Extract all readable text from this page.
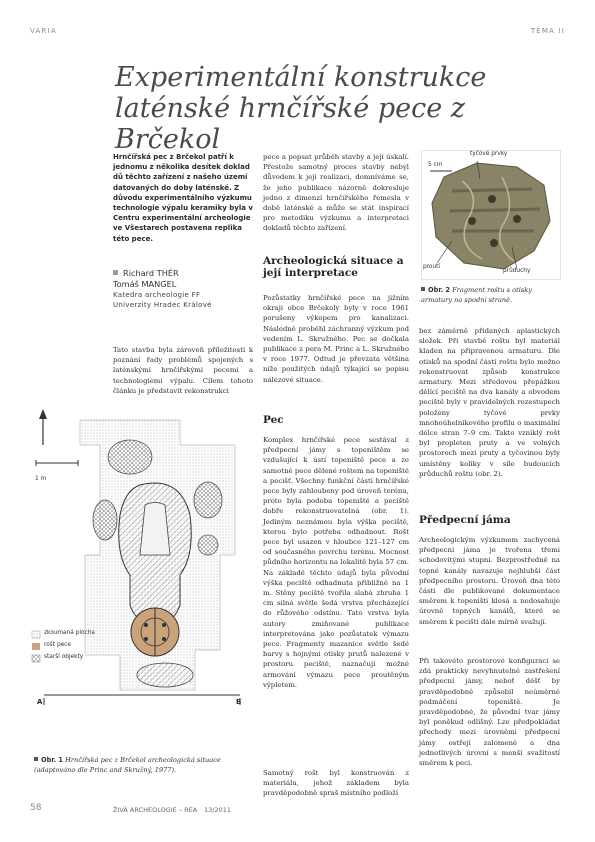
VARIA	TÉMA II
Experimentální konstrukce laténské hrnčířské pece z Brčekol
Hrnčířská pec z Brčekol patří k jednomu z několika desítek doklad dů těchto zařízení z našeho území datovaných do doby laténské. Z důvodu experimentálního výzkumu technologie výpalu keramiky byla v Centru experimentální archeologie ve Všestarech postavena replika této pece.
Richard THÉR
Tomáš MANGEL
Katedra archeologie FF
Univerzity Hradec Králové
Tato stavba byla zároveň příležitostí k poznání řady problémů spojených s laténskými hrnčířskými pecemi a technologiemi výpalu. Cílem tohoto článku je představit rekonstrukci
1 m
zkoumaná plocha
rošt pece
starší objekty
A	B
Obr. 1 Hrnčířská pec z Brčekol archeologická situace (adaptováno dle Princ and Skružný, 1977).
pece a popsat průběh stavby a její úskalí. Přestože samotný proces stavby nebyl důvodem k její realizaci, domníváme se, že jeho publikace názorně dokresluje jedno z dimenzí hrnčířského řemesla v době laténské a může se stát inspirací pro metodiku výzkumu a interpretaci dokladů těchto zařízení.
Archeologická situace a její interpretace
Pozůstatky hrnčířské pece na jižním okraji obce Brčekoly byly v roce 1961 porušeny výkopem pro kanalizaci. Následně proběhl záchranný výzkum pod vedením L. Skružného. Pec se dočkala publikace z pera M. Princ a L. Skružného v roce 1977. Odtud je převzata většina níže použitých údajů týkající se popisu nálezové situace.
Pec
Komplex hrnčířské pece sestával z předpecní jámy s topeništěm se vzdušující k ústí topeniště pece a ze samotné pece dělené roštem na topeniště a pecišť. Všechny funkční části hrnčířské pece byly zahloubeny pod úroveň terénu, proto byla podoba topeniště a peciště dobře rekonstruovatelná (obr. 1). Jediným neznámou byla výška peciště, kterou bylo potřeba odhadnout. Rošt pece byl usazen v hloubce 121–127 cm od současného povrchu terénu. Mocnost půdního horizontu na lokalitě byla 57 cm. Na základě těchto údajů byla původní výška peciště odhadnuta přibližně na 1 m. Stěny peciště tvořila slabá zhruba 1 cm silná světle šedá vrstva přecházející do růžového odstínu. Tato vrstva byla autory zmiňované publikace interpretována jako pozůstatek výmazu pece. Fragmenty mazanice světle šedé barvy s hojnými otisky prutů nalezené v prostoru peciště, naznačují možné armování výmazu pece proutěným výpletem.
Samotný rošt byl konstruován z materiálu, jehož základem byla pravděpodobně spraš místního podloží
tyčové prvky
5 cm
proutí
průduchy
Obr. 2 Fragment roštu s otisky armatury na spodní straně.
bez záměrně přidaných aplastických složek. Při stavbě roštu byl materiál kladen na připravenou armaturu. Dle otisků na spodní části roštu bylo možno rekonstruovat způsob konstrukce armatury. Mezi středovou přepážkou dělící peciště na dva kanály a obvodem peciště byly v pravidelných rozestupech položeny tyčové prvky mnohoúhelníkového profilu o maximální délce stran 7–9 cm. Takto vzniklý rošt byl propleten pruty a ve volných prostorech mezi pruty a tyčovinou byly umístěny koliky v síle budoucích průduchů roštu (obr. 2).
Předpecní jáma
Archeologickým výzkumem zachycená předpecní jáma je tvořena třemi schodovitými stupni. Bezprostředně na topné kanály navazuje nejhlubší část předpecního prostoru. Úroveň dna této části dle publikované dokumentace směrem k topeništi klesá a nedosahuje úrovně topných kanálů, které se směrem k pecišti dále mírně svažují.
Při takovéto prostorové konfiguraci se zdá prakticky nevyhnutelné zastřešení předpecní jámy, neboť déšť by pravděpodobně způsobil neúměrné podmáčení topeniště. Je pravděpodobné, že původní tvar jámy byl poněkud odlišný. Lze předpokládat přechody mezi úrovněmi předpecní jámy ostřejí zalomené a dna jednotlivých úrovní s menší svažitostí směrem k peci.
58	ŽIVÁ ARCHEOLOGIE – REA 13/2011
